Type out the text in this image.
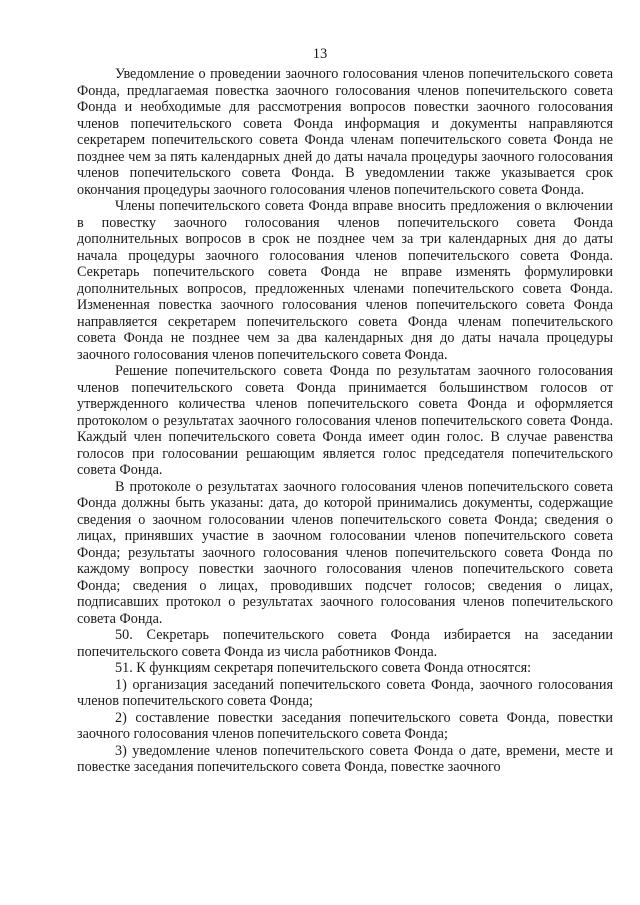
13

Уведомление о проведении заочного голосования членов попечительского совета Фонда, предлагаемая повестка заочного голосования членов попечительского совета Фонда и необходимые для рассмотрения вопросов повестки заочного голосования членов попечительского совета Фонда информация и документы направляются секретарем попечительского совета Фонда членам попечительского совета Фонда не позднее чем за пять календарных дней до даты начала процедуры заочного голосования членов попечительского совета Фонда. В уведомлении также указывается срок окончания процедуры заочного голосования членов попечительского совета Фонда.

Члены попечительского совета Фонда вправе вносить предложения о включении в повестку заочного голосования членов попечительского совета Фонда дополнительных вопросов в срок не позднее чем за три календарных дня до даты начала процедуры заочного голосования членов попечительского совета Фонда. Секретарь попечительского совета Фонда не вправе изменять формулировки дополнительных вопросов, предложенных членами попечительского совета Фонда. Измененная повестка заочного голосования членов попечительского совета Фонда направляется секретарем попечительского совета Фонда членам попечительского совета Фонда не позднее чем за два календарных дня до даты начала процедуры заочного голосования членов попечительского совета Фонда.

Решение попечительского совета Фонда по результатам заочного голосования членов попечительского совета Фонда принимается большинством голосов от утвержденного количества членов попечительского совета Фонда и оформляется протоколом о результатах заочного голосования членов попечительского совета Фонда. Каждый член попечительского совета Фонда имеет один голос. В случае равенства голосов при голосовании решающим является голос председателя попечительского совета Фонда.

В протоколе о результатах заочного голосования членов попечительского совета Фонда должны быть указаны: дата, до которой принимались документы, содержащие сведения о заочном голосовании членов попечительского совета Фонда; сведения о лицах, принявших участие в заочном голосовании членов попечительского совета Фонда; результаты заочного голосования членов попечительского совета Фонда по каждому вопросу повестки заочного голосования членов попечительского совета Фонда; сведения о лицах, проводивших подсчет голосов; сведения о лицах, подписавших протокол о результатах заочного голосования членов попечительского совета Фонда.

50. Секретарь попечительского совета Фонда избирается на заседании попечительского совета Фонда из числа работников Фонда.

51. К функциям секретаря попечительского совета Фонда относятся:

1) организация заседаний попечительского совета Фонда, заочного голосования членов попечительского совета Фонда;

2) составление повестки заседания попечительского совета Фонда, повестки заочного голосования членов попечительского совета Фонда;

3) уведомление членов попечительского совета Фонда о дате, времени, месте и повестке заседания попечительского совета Фонда, повестке заочного
